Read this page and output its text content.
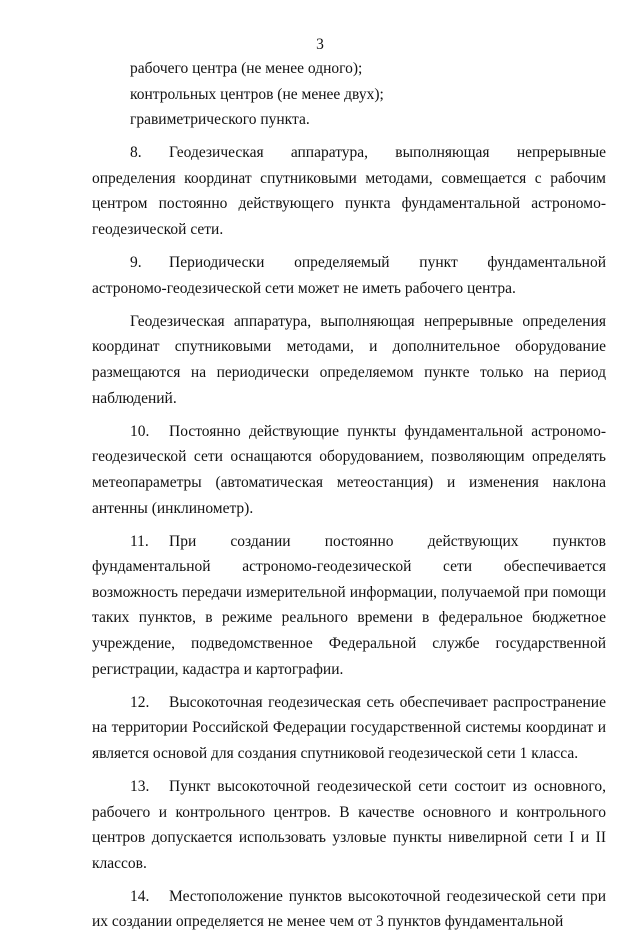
3

рабочего центра (не менее одного);

контрольных центров (не менее двух);

гравиметрического пункта.

8. Геодезическая аппаратура, выполняющая непрерывные определения координат спутниковыми методами, совмещается с рабочим центром постоянно действующего пункта фундаментальной астрономо-геодезической сети.

9. Периодически определяемый пункт фундаментальной астрономо-геодезической сети может не иметь рабочего центра.

Геодезическая аппаратура, выполняющая непрерывные определения координат спутниковыми методами, и дополнительное оборудование размещаются на периодически определяемом пункте только на период наблюдений.

10. Постоянно действующие пункты фундаментальной астрономо-геодезической сети оснащаются оборудованием, позволяющим определять метеопараметры (автоматическая метеостанция) и изменения наклона антенны (инклинометр).

11. При создании постоянно действующих пунктов фундаментальной астрономо-геодезической сети обеспечивается возможность передачи измерительной информации, получаемой при помощи таких пунктов, в режиме реального времени в федеральное бюджетное учреждение, подведомственное Федеральной службе государственной регистрации, кадастра и картографии.

12. Высокоточная геодезическая сеть обеспечивает распространение на территории Российской Федерации государственной системы координат и является основой для создания спутниковой геодезической сети 1 класса.

13. Пункт высокоточной геодезической сети состоит из основного, рабочего и контрольного центров. В качестве основного и контрольного центров допускается использовать узловые пункты нивелирной сети I и II классов.

14. Местоположение пунктов высокоточной геодезической сети при их создании определяется не менее чем от 3 пунктов фундаментальной
